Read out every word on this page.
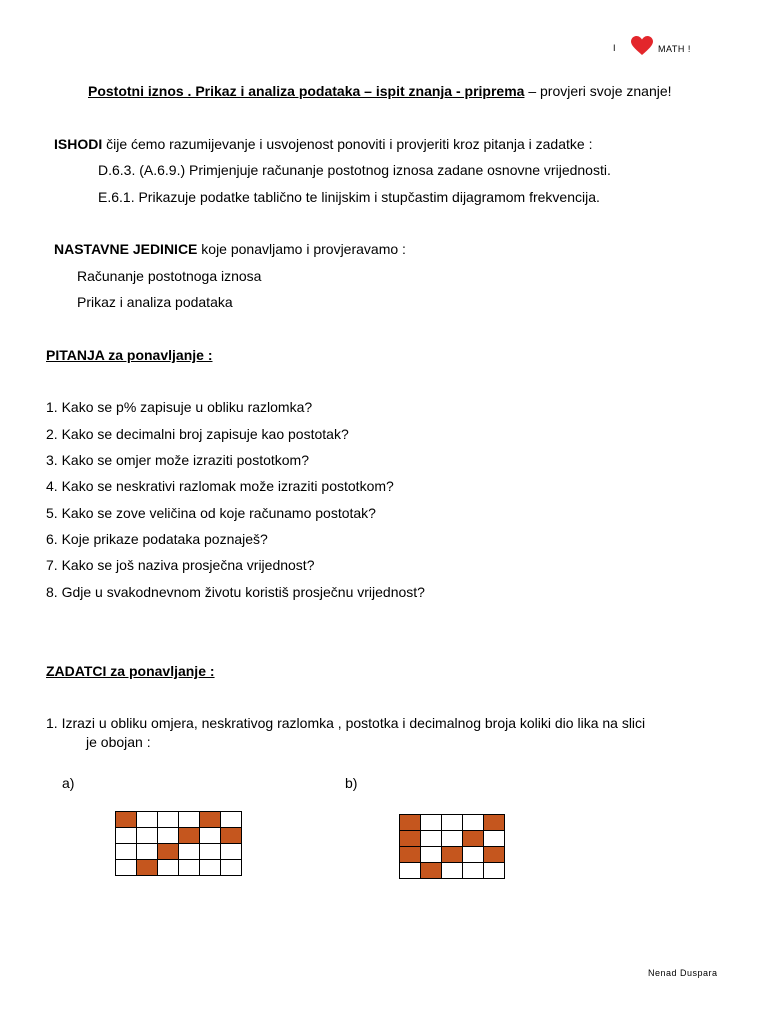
I	MATH !
Postotni iznos . Prikaz i analiza podataka – ispit znanja - priprema – provjeri svoje znanje!
ISHODI čije ćemo razumijevanje i usvojenost ponoviti i provjeriti kroz pitanja i zadatke :
D.6.3. (A.6.9.) Primjenjuje računanje postotnog iznosa zadane osnovne vrijednosti.
E.6.1. Prikazuje podatke tablično te linijskim i stupčastim dijagramom frekvencija.
NASTAVNE JEDINICE koje ponavljamo i provjeravamo :
Računanje postotnoga iznosa
Prikaz i analiza podataka
PITANJA za ponavljanje :
1. Kako se p% zapisuje u obliku razlomka?
2. Kako se decimalni broj zapisuje kao postotak?
3. Kako se omjer može izraziti postotkom?
4. Kako se neskrativi razlomak može izraziti postotkom?
5. Kako se zove veličina od koje računamo postotak?
6. Koje prikaze podataka poznaješ?
7. Kako se još naziva prosječna vrijednost?
8. Gdje u svakodnevnom životu koristiš prosječnu vrijednost?
ZADATCI za ponavljanje :
1. Izrazi u obliku omjera, neskrativog razlomka , postotka i decimalnog broja koliki dio lika na slici
je obojan :
a)	b)

Nenad Duspara
